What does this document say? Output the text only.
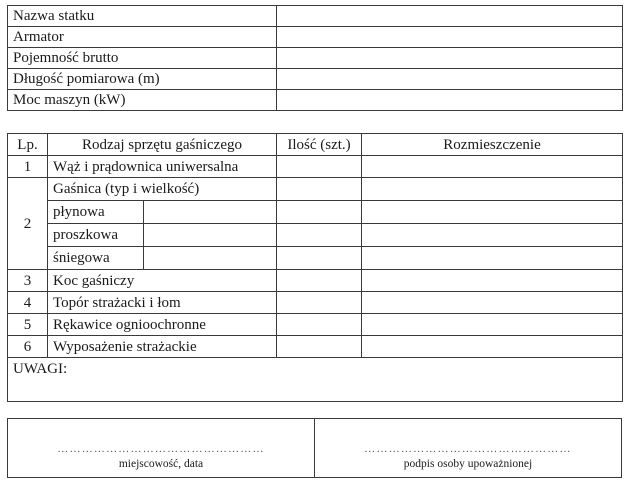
Nazwa statku	
Armator	
Pojemność brutto	
Długość pomiarowa (m)	
Moc maszyn (kW)	
Lp.	Rodzaj sprzętu gaśniczego		Ilość (szt.)	Rozmieszczenie
1	Wąż i prądownica uniwersalna			
2	Gaśnica (typ i wielkość)			
	płynowa			
	proszkowa			
	śniegowa			
3	Koc gaśniczy			
4	Topór strażacki i łom			
5	Rękawice ognioochronne			
6	Wyposażenie strażackie			
UWAGI:				
……………………………………………
miejscowość, data
……………………………………………
podpis osoby upoważnionej
